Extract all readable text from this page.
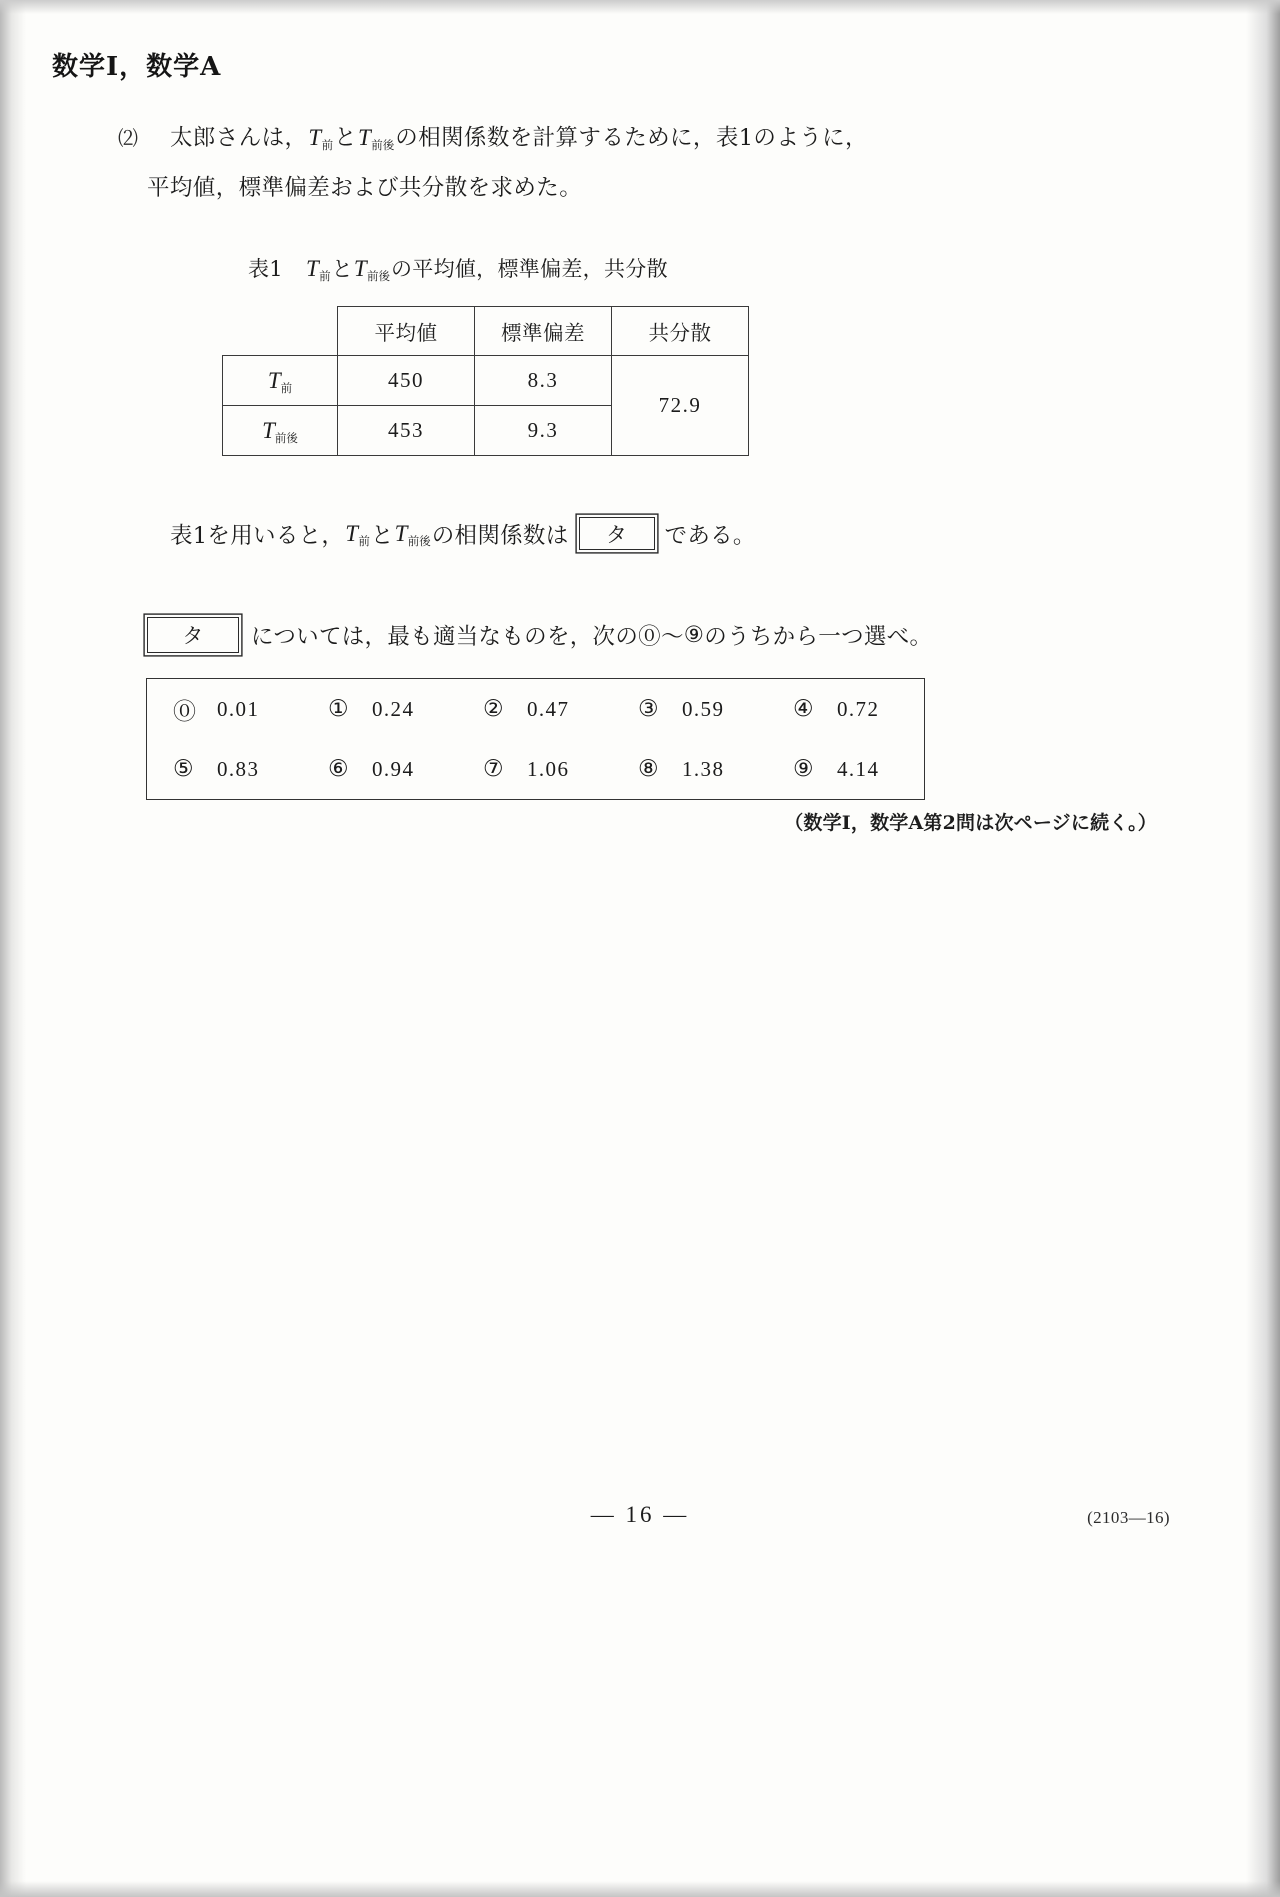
数学Ⅰ，数学A
⑵ 太郎さんは，$T_前$と$T_{前後}$の相関係数を計算するために，表1のように，
平均値，標準偏差および共分散を求めた。
表1 $T_前$と$T_{前後}$の平均値，標準偏差，共分散
	平均値	標準偏差	共分散
$T_前$	450	8.3	72.9
$T_{前後}$	453	9.3	
表1を用いると， $T_前$ と $T_{前後}$ の相関係数は	タ	である。
タ	については，最も適当なものを，次の ⓪ ～ ⑨ のうちから一つ選べ。
⓪	0.01	①	0.24	②	0.47	③	0.59	④	0.72
⑤	0.83	⑥	0.94	⑦	1.06	⑧	1.38	⑨	4.14
（数学Ⅰ，数学A第2問は次ページに続く。）
― 16 ―	(2103—16)
